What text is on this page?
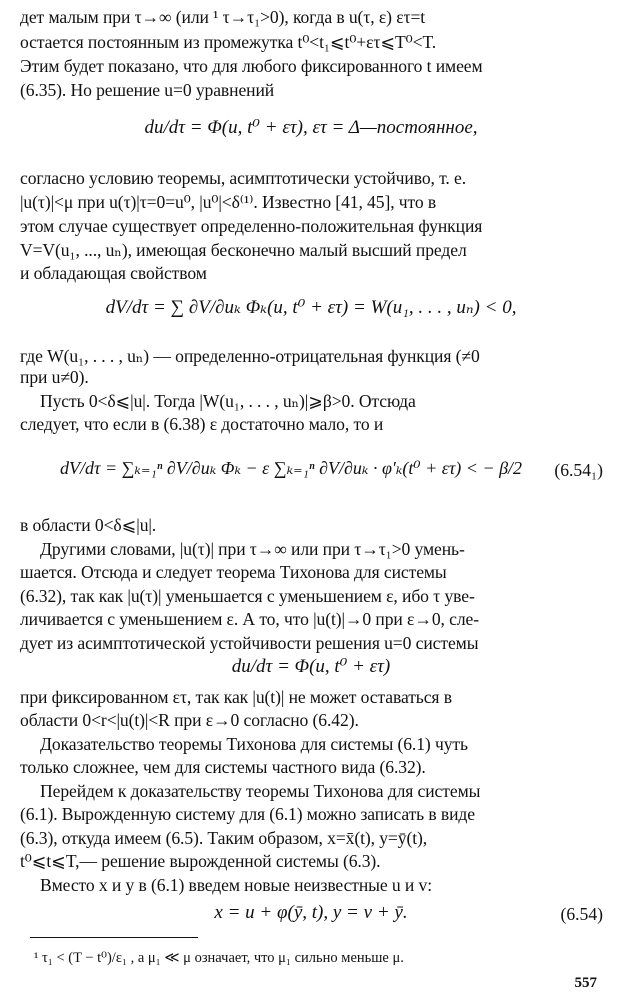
дет малым при τ→∞ (или ¹ τ→τ₁>0), когда в u(τ, ε) ετ=t
остается постоянным из промежутка t⁰<t₁⩽t⁰+ετ⩽T⁰<T.
Этим будет показано, что для любого фиксированного t имеем
(6.35). Но решение u=0 уравнений
du/dτ = Φ(u, t⁰ + ετ), ετ = Δ—постоянное,
согласно условию теоремы, асимптотически устойчиво, т. е.
|u(τ)|<μ при u(τ)|τ=0=u⁰, |u⁰|<δ⁽¹⁾. Известно [41, 45], что в
этом случае существует определенно-положительная функция
V=V(u₁, ..., uₙ), имеющая бесконечно малый высший предел
и обладающая свойством
dV/dτ = ∑ ∂V/∂uₖ Φₖ(u, t⁰ + ετ) = W(u₁, . . . , uₙ) < 0,
где W(u₁, . . . , uₙ) — определенно-отрицательная функция (≠0
при u≠0).
Пусть 0<δ⩽|u|. Тогда |W(u₁, . . . , uₙ)|⩾β>0. Отсюда
следует, что если в (6.38) ε достаточно мало, то и
dV/dτ = ∑ₖ₌₁ⁿ ∂V/∂uₖ Φₖ − ε ∑ₖ₌₁ⁿ ∂V/∂uₖ · φ′ₖ(t⁰ + ετ) < − β/2 (6.54₁)
в области 0<δ⩽|u|.
Другими словами, |u(τ)| при τ→∞ или при τ→τ₁>0 умень-
шается. Отсюда и следует теорема Тихонова для системы
(6.32), так как |u(τ)| уменьшается с уменьшением ε, ибо τ уве-
личивается с уменьшением ε. А то, что |u(t)|→0 при ε→0, сле-
дует из асимптотической устойчивости решения u=0 системы
du/dτ = Φ(u, t⁰ + ετ)
при фиксированном ετ, так как |u(t)| не может оставаться в
области 0<r<|u(t)|<R при ε→0 согласно (6.42).
Доказательство теоремы Тихонова для системы (6.1) чуть
только сложнее, чем для системы частного вида (6.32).
Перейдем к доказательству теоремы Тихонова для системы
(6.1). Вырожденную систему для (6.1) можно записать в виде
(6.3), откуда имеем (6.5). Таким образом, x=x̄(t), y=ȳ(t),
t⁰⩽t⩽T,— решение вырожденной системы (6.3).
Вместо x и y в (6.1) введем новые неизвестные u и v:
x = u + φ(ȳ, t), y = v + ȳ.	(6.54)
¹ τ₁ < (T − t⁰)/ε₁ , а μ₁ ≪ μ означает, что μ₁ сильно меньше μ.
557
